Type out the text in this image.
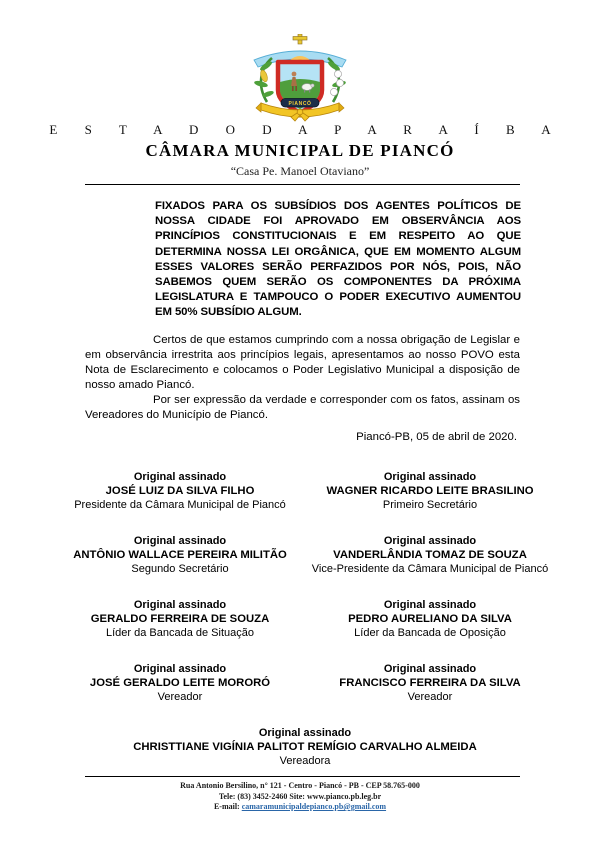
PIANCÓ
E S T A D O D A P A R A Í B A
CÂMARA MUNICIPAL DE PIANCÓ
“Casa Pe. Manoel Otaviano”
FIXADOS PARA OS SUBSÍDIOS DOS AGENTES POLÍTICOS DE NOSSA CIDADE FOI APROVADO EM OBSERVÂNCIA AOS PRINCÍPIOS CONSTITUCIONAIS E EM RESPEITO AO QUE DETERMINA NOSSA LEI ORGÂNICA, QUE EM MOMENTO ALGUM ESSES VALORES SERÃO PERFAZIDOS POR NÓS, POIS, NÃO SABEMOS QUEM SERÃO OS COMPONENTES DA PRÓXIMA LEGISLATURA E TAMPOUCO O PODER EXECUTIVO AUMENTOU EM 50% SUBSÍDIO ALGUM.

Certos de que estamos cumprindo com a nossa obrigação de Legislar e em observância irrestrita aos princípios legais, apresentamos ao nosso POVO esta Nota de Esclarecimento e colocamos o Poder Legislativo Municipal a disposição de nosso amado Piancó.

Por ser expressão da verdade e corresponder com os fatos, assinam os Vereadores do Município de Piancó.

Piancó-PB, 05 de abril de 2020.
Original assinado
JOSÉ LUIZ DA SILVA FILHO
Presidente da Câmara Municipal de Piancó
Original assinado
WAGNER RICARDO LEITE BRASILINO
Primeiro Secretário
Original assinado
ANTÔNIO WALLACE PEREIRA MILITÃO
Segundo Secretário
Original assinado
VANDERLÂNDIA TOMAZ DE SOUZA
Vice-Presidente da Câmara Municipal de Piancó
Original assinado
GERALDO FERREIRA DE SOUZA
Líder da Bancada de Situação
Original assinado
PEDRO AURELIANO DA SILVA
Líder da Bancada de Oposição
Original assinado
JOSÉ GERALDO LEITE MORORÓ
Vereador
Original assinado
FRANCISCO FERREIRA DA SILVA
Vereador
Original assinado
CHRISTTIANE VIGÍNIA PALITOT REMÍGIO CARVALHO ALMEIDA
Vereadora
Rua Antonio Bersilino, n° 121 - Centro - Piancó - PB - CEP 58.765-000
Tele: (83) 3452-2460 Site: www.pianco.pb.leg.br
E-mail: camaramunicipaldepianco.pb@gmail.com
